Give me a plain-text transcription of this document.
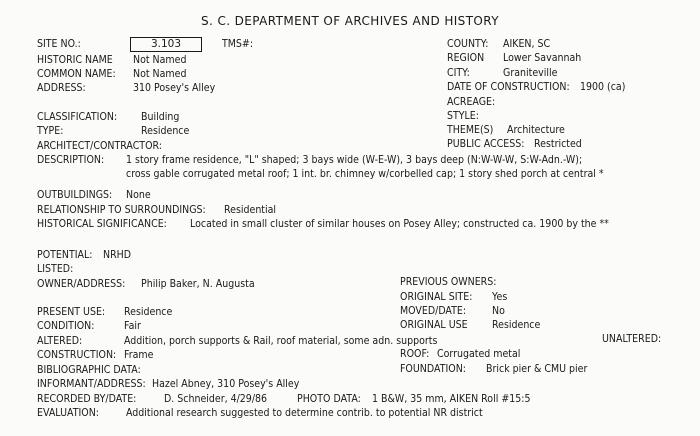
S. C. DEPARTMENT OF ARCHIVES AND HISTORY
SITE NO.:	3.103	TMS#:
HISTORIC NAME Not Named
COMMON NAME: Not Named
ADDRESS:	310 Posey's Alley
COUNTY: AIKEN, SC
REGION Lower Savannah
CITY:	Graniteville
DATE OF CONSTRUCTION: 1900 (ca)
ACREAGE:
STYLE:
THEME(S) Architecture
PUBLIC ACCESS: Restricted
CLASSIFICATION: Building
TYPE:	Residence
ARCHITECT/CONTRACTOR:
DESCRIPTION: 1 story frame residence, "L" shaped; 3 bays wide (W-E-W), 3 bays deep (N:W-W-W, S:W-Adn.-W);
cross gable corrugated metal roof; 1 int. br. chimney w/corbelled cap; 1 story shed porch at central *
OUTBUILDINGS: None
RELATIONSHIP TO SURROUNDINGS: Residential
HISTORICAL SIGNIFICANCE: Located in small cluster of similar houses on Posey Alley; constructed ca. 1900 by the **
POTENTIAL: NRHD
LISTED:
OWNER/ADDRESS: Philip Baker, N. Augusta	PREVIOUS OWNERS:
ORIGINAL SITE: Yes
MOVED/DATE: No
ORIGINAL USE Residence
PRESENT USE: Residence
CONDITION:	Fair
ALTERED:	Addition, porch supports & Rail, roof material, some adn. supports	UNALTERED:
CONSTRUCTION: Frame	ROOF: Corrugated metal
BIBLIOGRAPHIC DATA:	FOUNDATION: Brick pier & CMU pier
INFORMANT/ADDRESS: Hazel Abney, 310 Posey's Alley
RECORDED BY/DATE:	D. Schneider, 4/29/86	PHOTO DATA: 1 B&W, 35 mm, AIKEN Roll #15:5
EVALUATION:	Additional research suggested to determine contrib. to potential NR district
